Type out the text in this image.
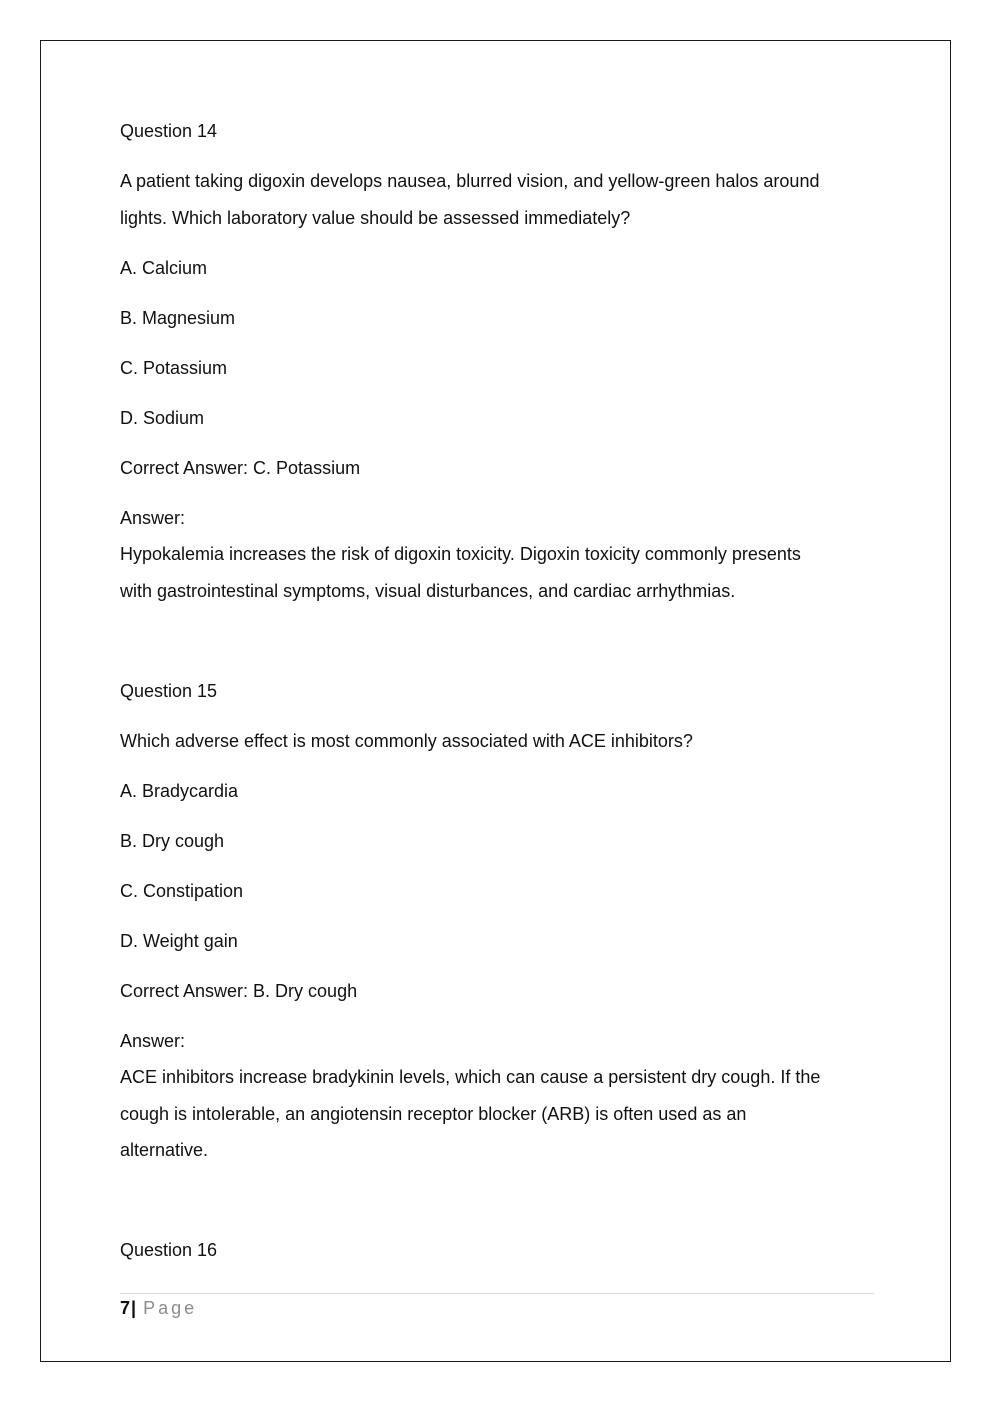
Question 14
A patient taking digoxin develops nausea, blurred vision, and yellow-green halos around
lights. Which laboratory value should be assessed immediately?
A. Calcium
B. Magnesium
C. Potassium
D. Sodium
Correct Answer: C. Potassium
Answer:
Hypokalemia increases the risk of digoxin toxicity. Digoxin toxicity commonly presents
with gastrointestinal symptoms, visual disturbances, and cardiac arrhythmias.
Question 15
Which adverse effect is most commonly associated with ACE inhibitors?
A. Bradycardia
B. Dry cough
C. Constipation
D. Weight gain
Correct Answer: B. Dry cough
Answer:
ACE inhibitors increase bradykinin levels, which can cause a persistent dry cough. If the
cough is intolerable, an angiotensin receptor blocker (ARB) is often used as an
alternative.
Question 16
7| Page
